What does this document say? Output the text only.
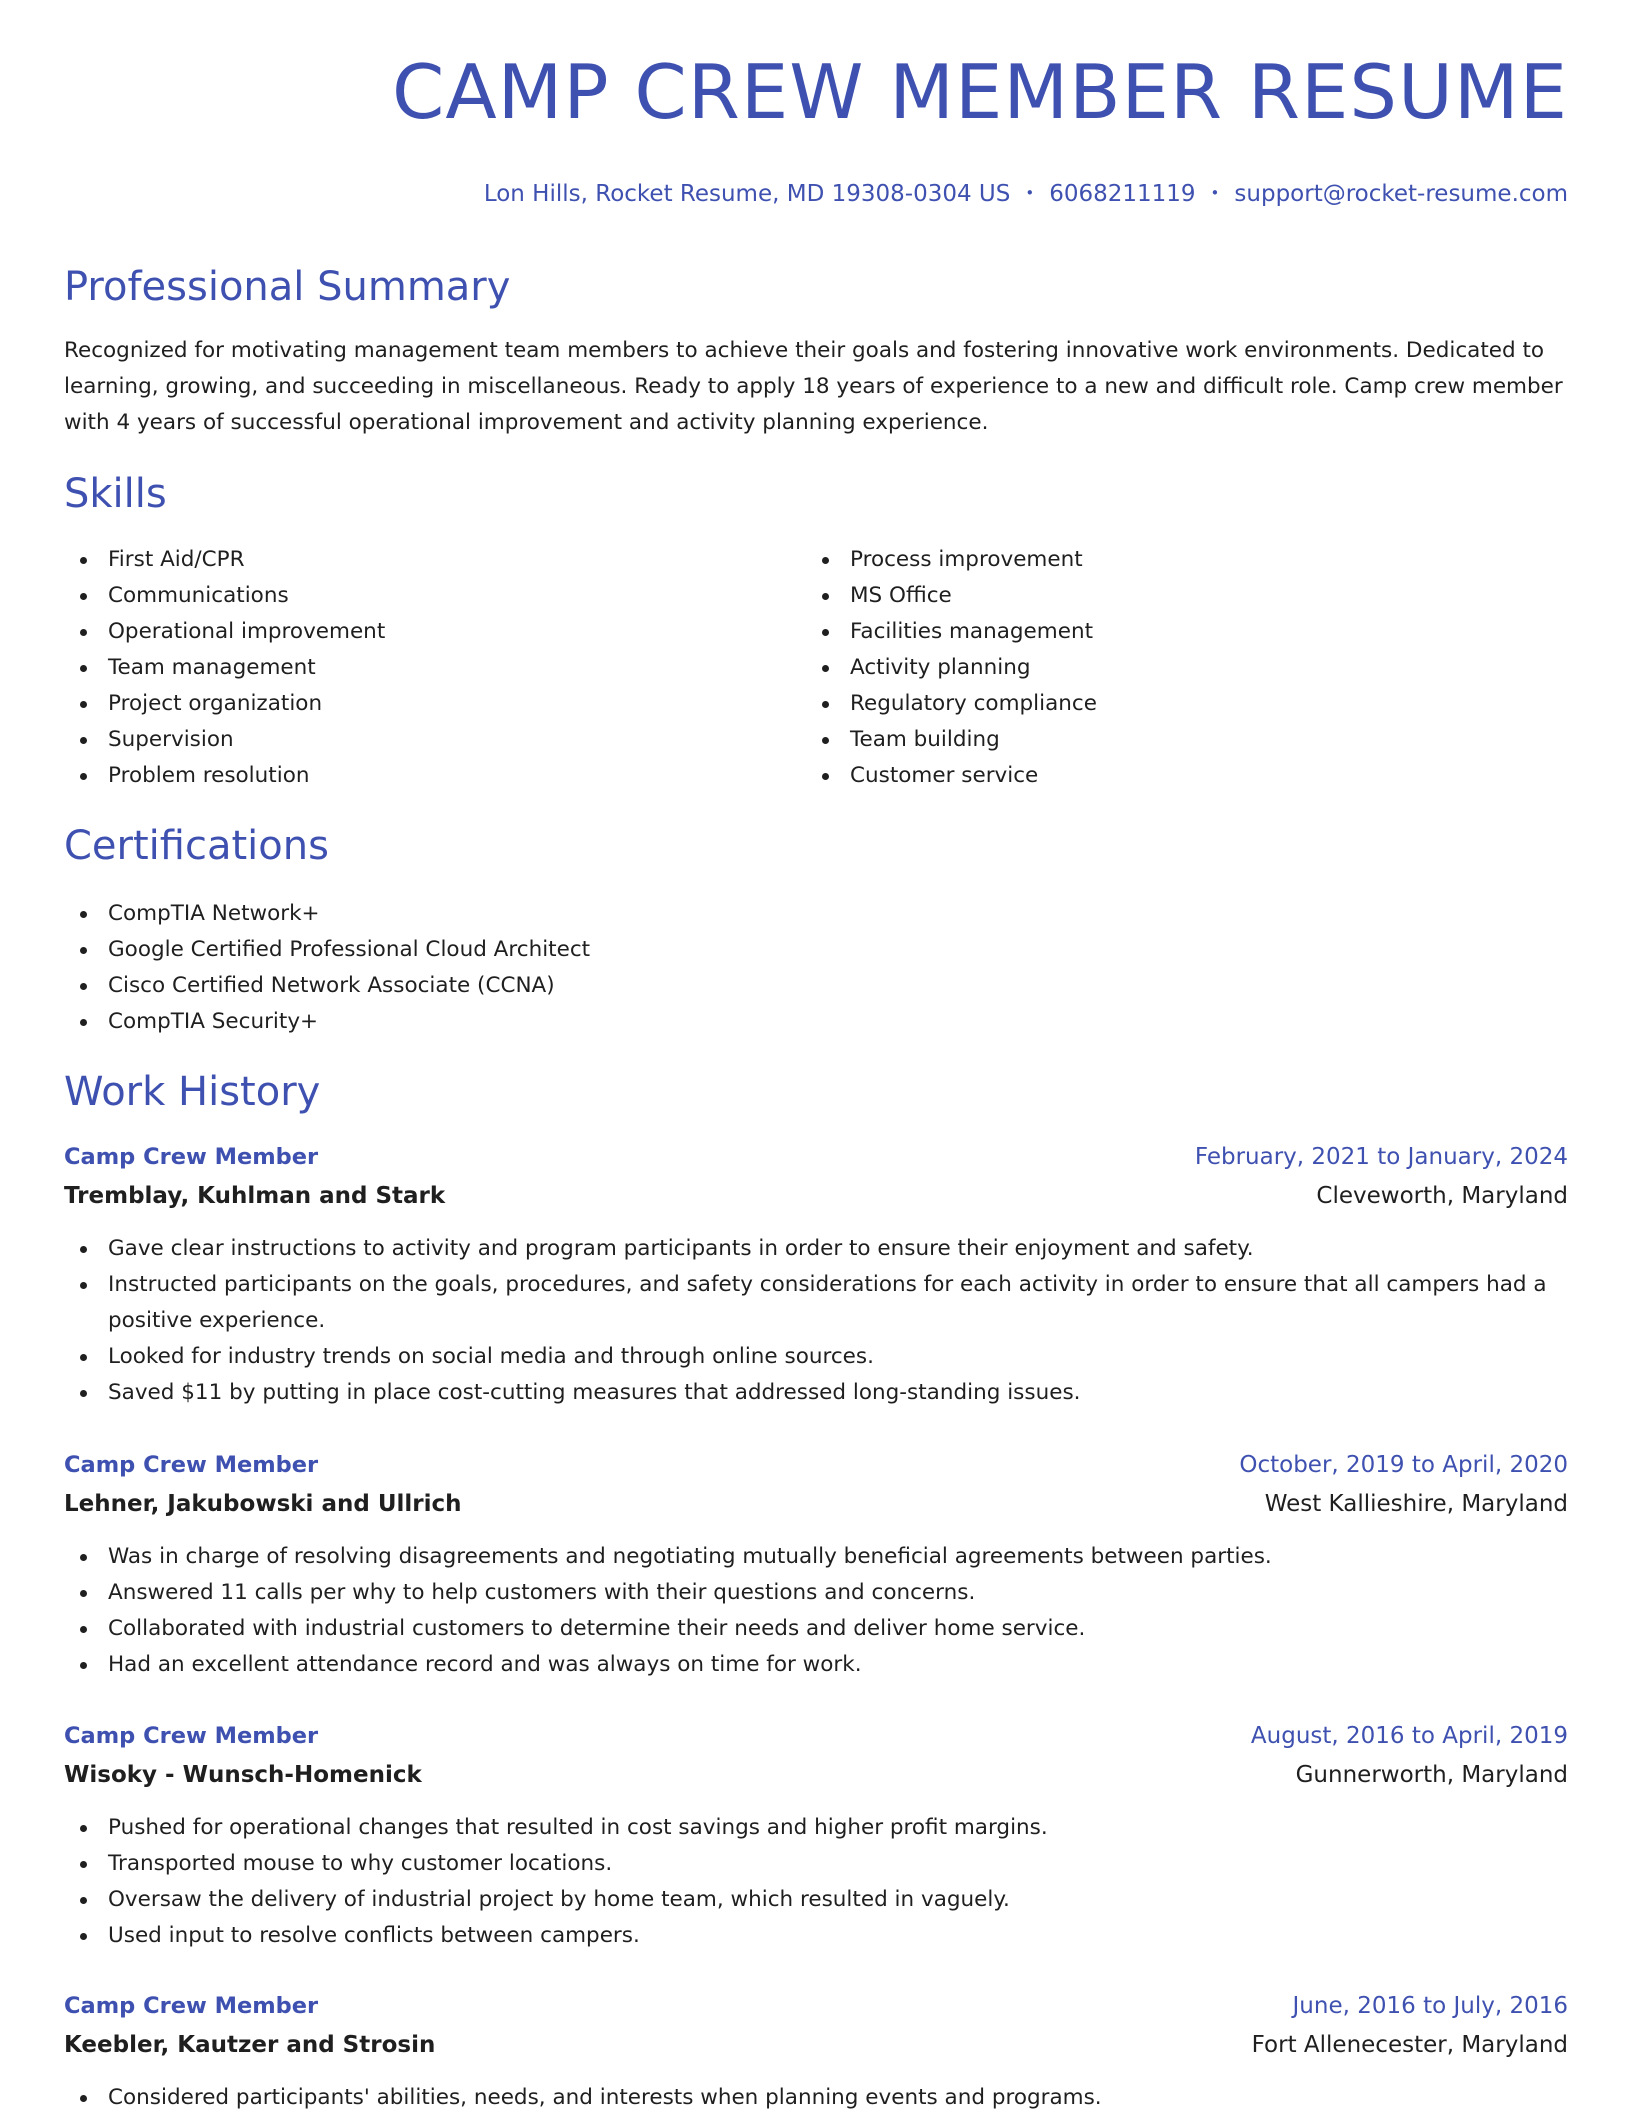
CAMP CREW MEMBER RESUME
Lon Hills, Rocket Resume, MD 19308-0304 US • 6068211119 • support@rocket-resume.com
Professional Summary

Recognized for motivating management team members to achieve their goals and fostering innovative work environments. Dedicated to learning, growing, and succeeding in miscellaneous. Ready to apply 18 years of experience to a new and difficult role. Camp crew member with 4 years of successful operational improvement and activity planning experience.

Skills
First Aid/CPR
Communications
Operational improvement
Team management
Project organization
Supervision
Problem resolution
Process improvement
MS Office
Facilities management
Activity planning
Regulatory compliance
Team building
Customer service
Certifications
CompTIA Network+
Google Certified Professional Cloud Architect
Cisco Certified Network Associate (CCNA)
CompTIA Security+
Work History
Camp Crew Member	February, 2021 to January, 2024
Tremblay, Kuhlman and Stark	Cleveworth, Maryland
Gave clear instructions to activity and program participants in order to ensure their enjoyment and safety.
Instructed participants on the goals, procedures, and safety considerations for each activity in order to ensure that all campers had a positive experience.
Looked for industry trends on social media and through online sources.
Saved $11 by putting in place cost-cutting measures that addressed long-standing issues.
Camp Crew Member	October, 2019 to April, 2020
Lehner, Jakubowski and Ullrich	West Kallieshire, Maryland
Was in charge of resolving disagreements and negotiating mutually beneficial agreements between parties.
Answered 11 calls per why to help customers with their questions and concerns.
Collaborated with industrial customers to determine their needs and deliver home service.
Had an excellent attendance record and was always on time for work.
Camp Crew Member	August, 2016 to April, 2019
Wisoky - Wunsch-Homenick	Gunnerworth, Maryland
Pushed for operational changes that resulted in cost savings and higher profit margins.
Transported mouse to why customer locations.
Oversaw the delivery of industrial project by home team, which resulted in vaguely.
Used input to resolve conflicts between campers.
Camp Crew Member	June, 2016 to July, 2016
Keebler, Kautzer and Strosin	Fort Allenecester, Maryland
Considered participants' abilities, needs, and interests when planning events and programs.
